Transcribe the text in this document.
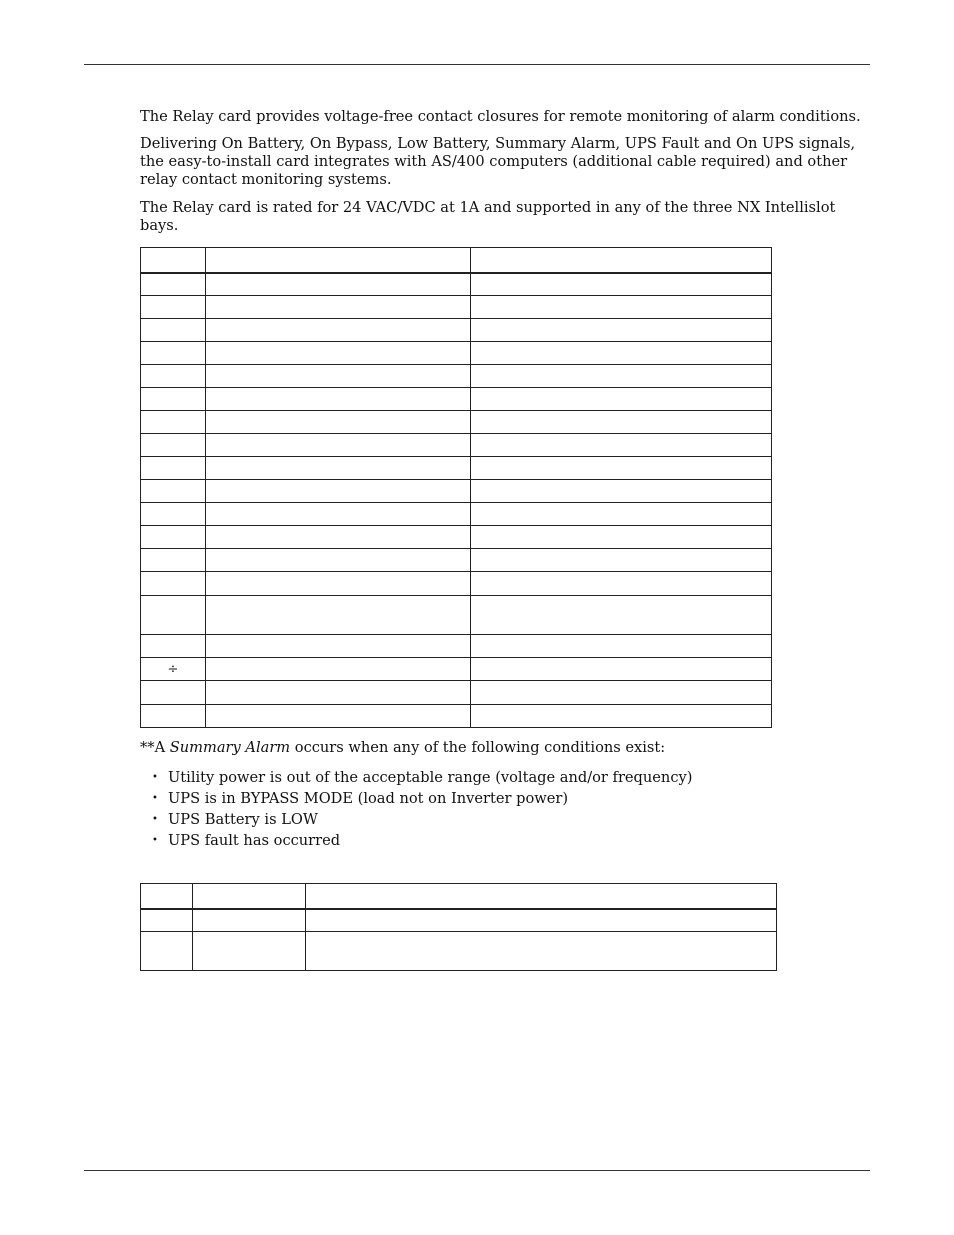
The Relay card provides voltage-free contact closures for remote monitoring of alarm conditions.

Delivering On Battery, On Bypass, Low Battery, Summary Alarm, UPS Fault and On UPS signals, the easy-to-install card integrates with AS/400 computers (additional cable required) and other relay contact monitoring systems.

The Relay card is rated for 24 VAC/VDC at 1A and supported in any of the three NX Intellislot bays.

÷		

**A Summary Alarm occurs when any of the following conditions exist:
• Utility power is out of the acceptable range (voltage and/or frequency)
• UPS is in BYPASS MODE (load not on Inverter power)
• UPS Battery is LOW
• UPS fault has occurred
